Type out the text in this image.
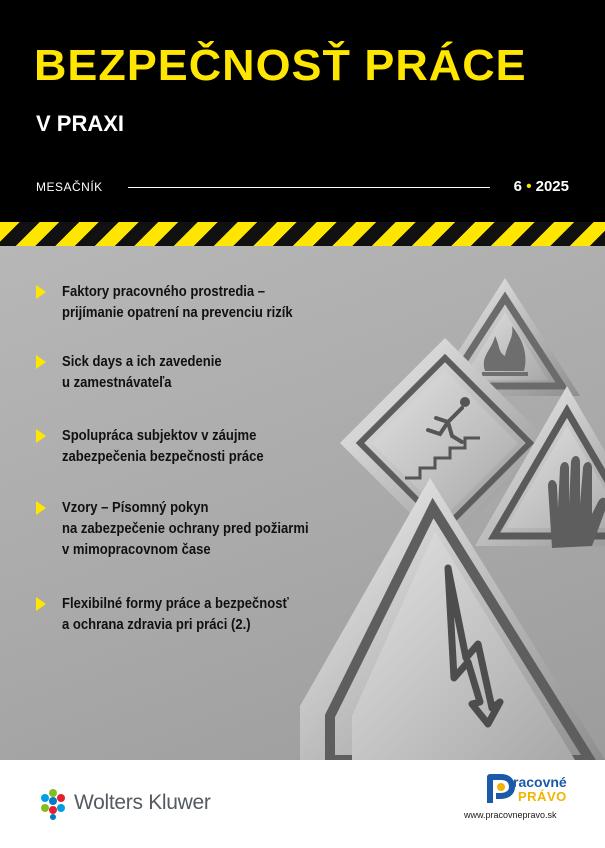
BEZPEČNOSŤ PRÁCE
V PRAXI
MESAČNÍK	6 • 2025
Faktory pracovného prostredia –
prijímanie opatrení na prevenciu rizík
Sick days a ich zavedenie
u zamestnávateľa
Spolupráca subjektov v záujme
zabezpečenia bezpečnosti práce
Vzory – Písomný pokyn
na zabezpečenie ochrany pred požiarmi
v mimopracovnom čase
Flexibilné formy práce a bezpečnosť
a ochrana zdravia pri práci (2.)
Wolters Kluwer
racovné
PRÁVO
www.pracovnepravo.sk
